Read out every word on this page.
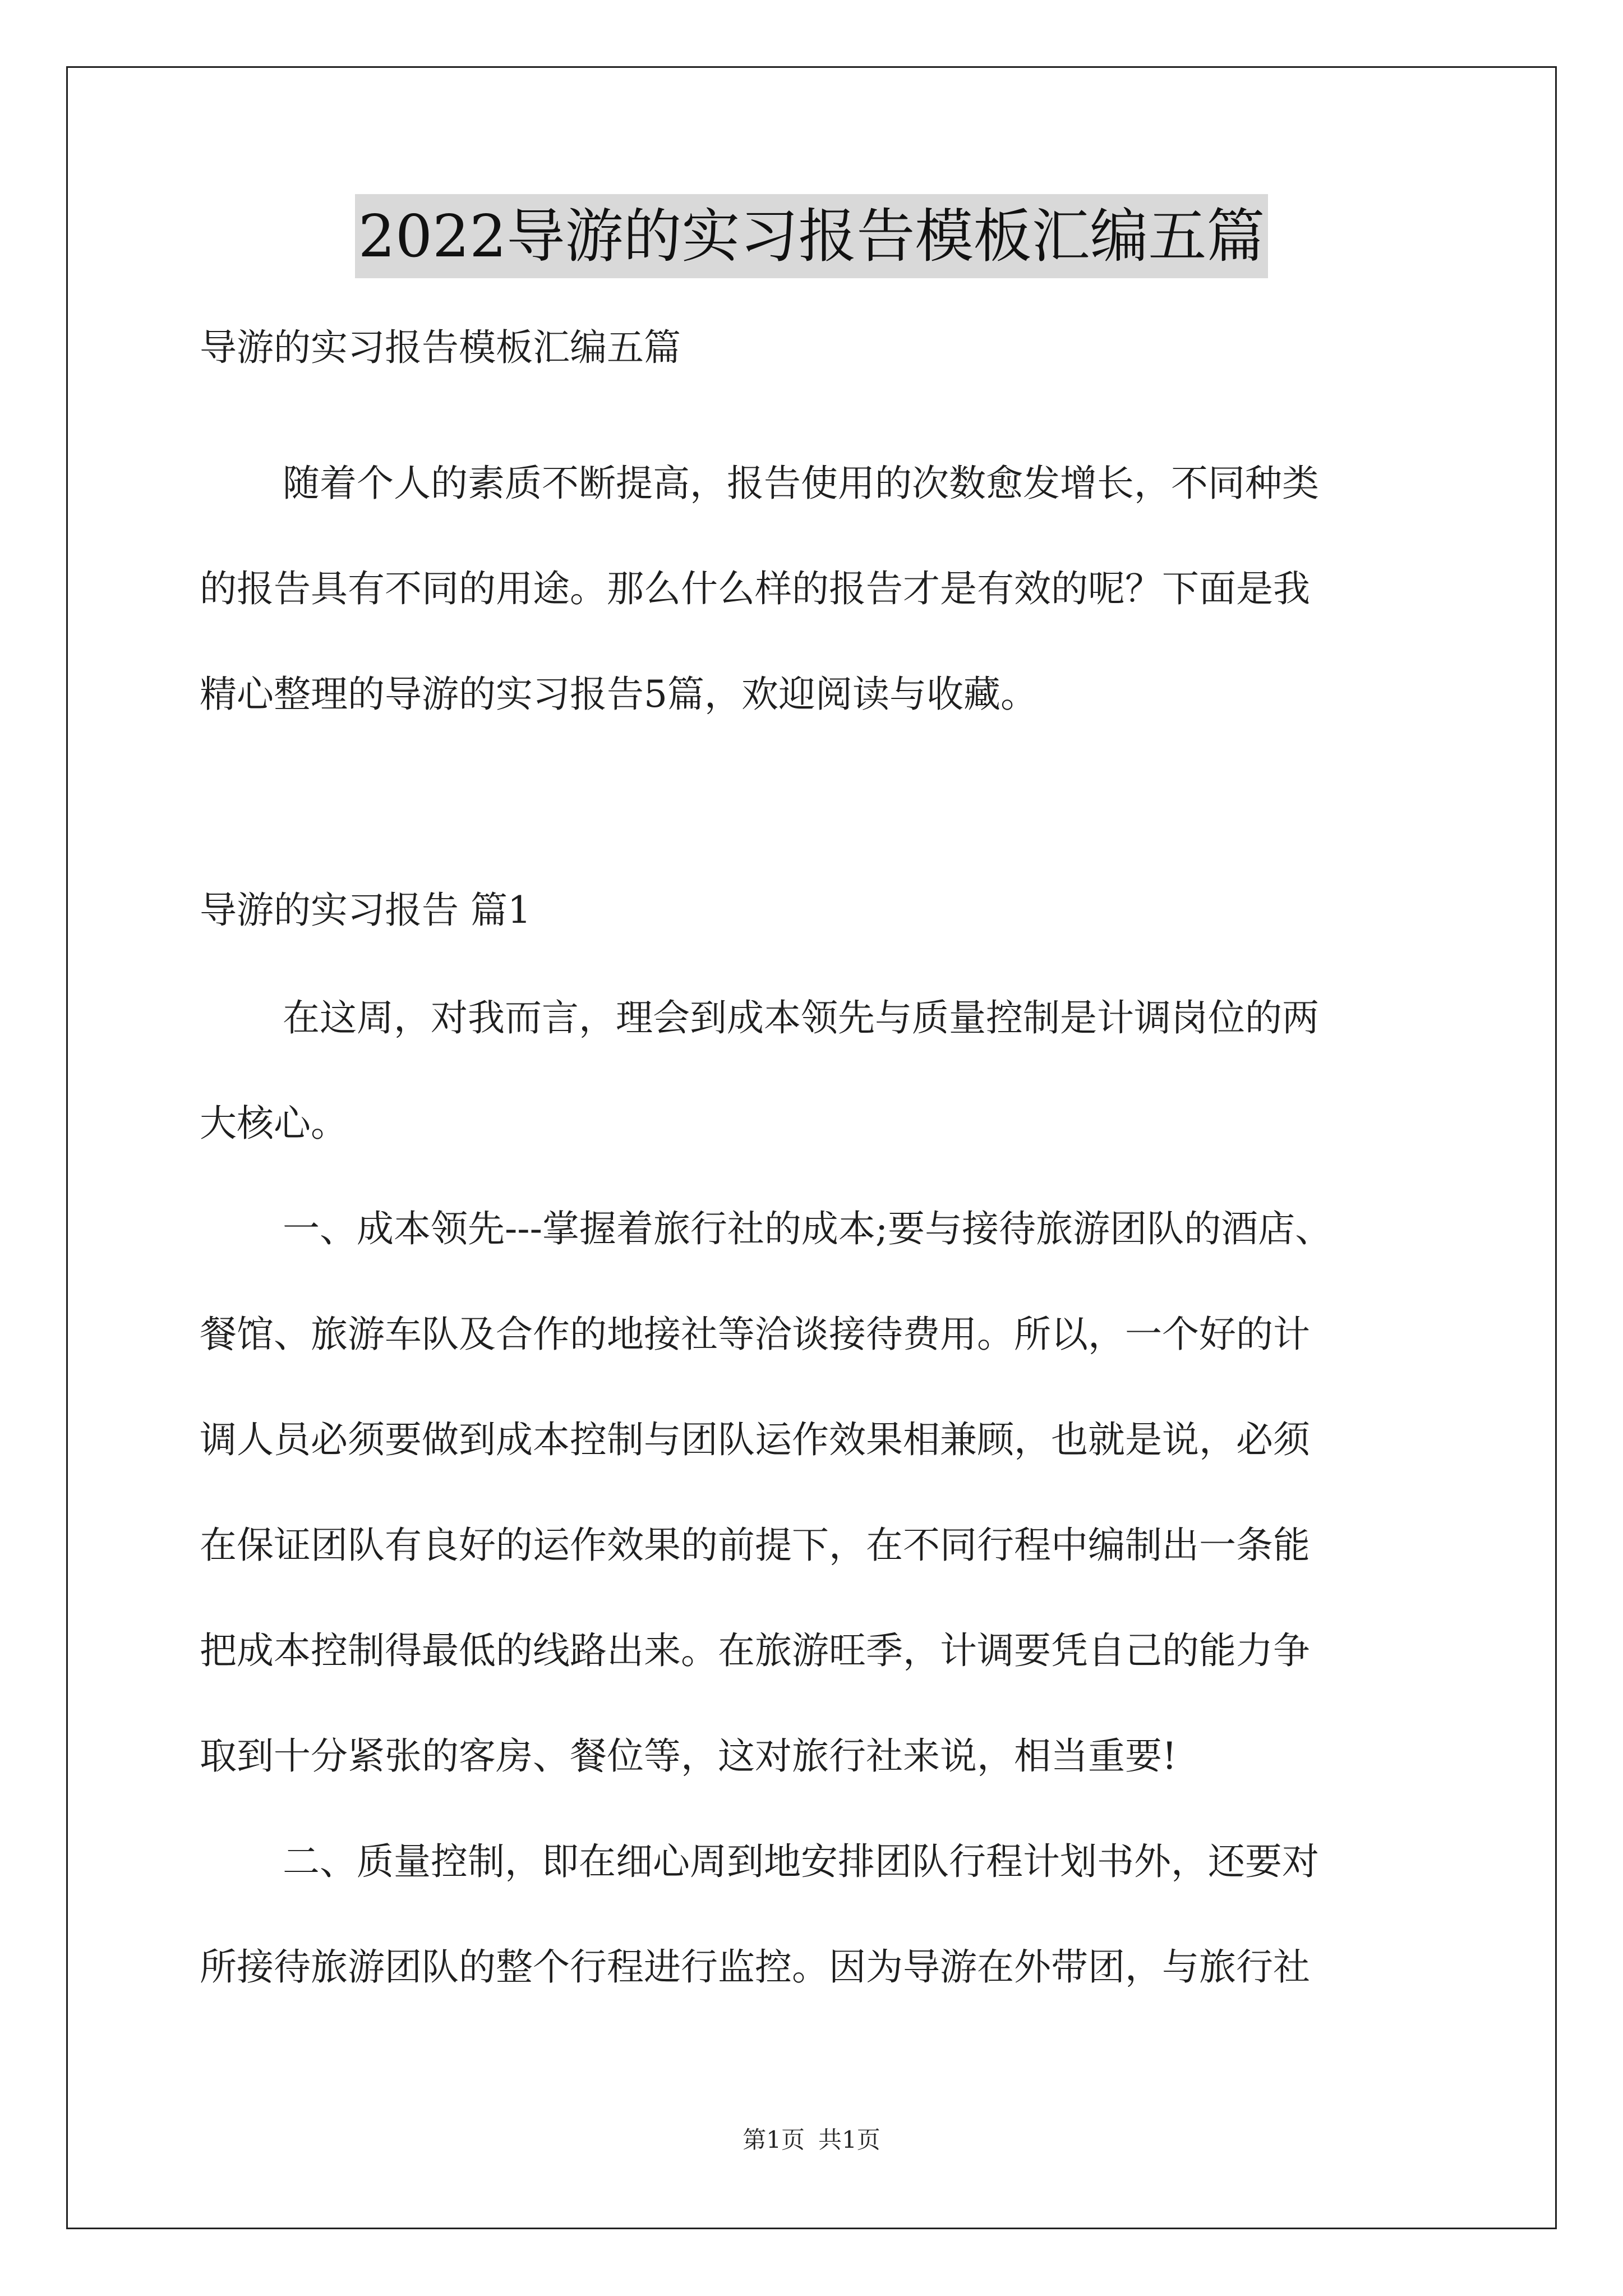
2022导游的实习报告模板汇编五篇
导游的实习报告模板汇编五篇
随着个人的素质不断提高，报告使用的次数愈发增长，不同种类
的报告具有不同的用途。那么什么样的报告才是有效的呢？下面是我
精心整理的导游的实习报告5篇，欢迎阅读与收藏。
导游的实习报告 篇1
在这周，对我而言，理会到成本领先与质量控制是计调岗位的两
大核心。
一、成本领先---掌握着旅行社的成本;要与接待旅游团队的酒店、
餐馆、旅游车队及合作的地接社等洽谈接待费用。所以，一个好的计
调人员必须要做到成本控制与团队运作效果相兼顾，也就是说，必须
在保证团队有良好的运作效果的前提下，在不同行程中编制出一条能
把成本控制得最低的线路出来。在旅游旺季，计调要凭自己的能力争
取到十分紧张的客房、餐位等，这对旅行社来说，相当重要!
二、质量控制，即在细心周到地安排团队行程计划书外，还要对
所接待旅游团队的整个行程进行监控。因为导游在外带团，与旅行社
第1页 共1页
